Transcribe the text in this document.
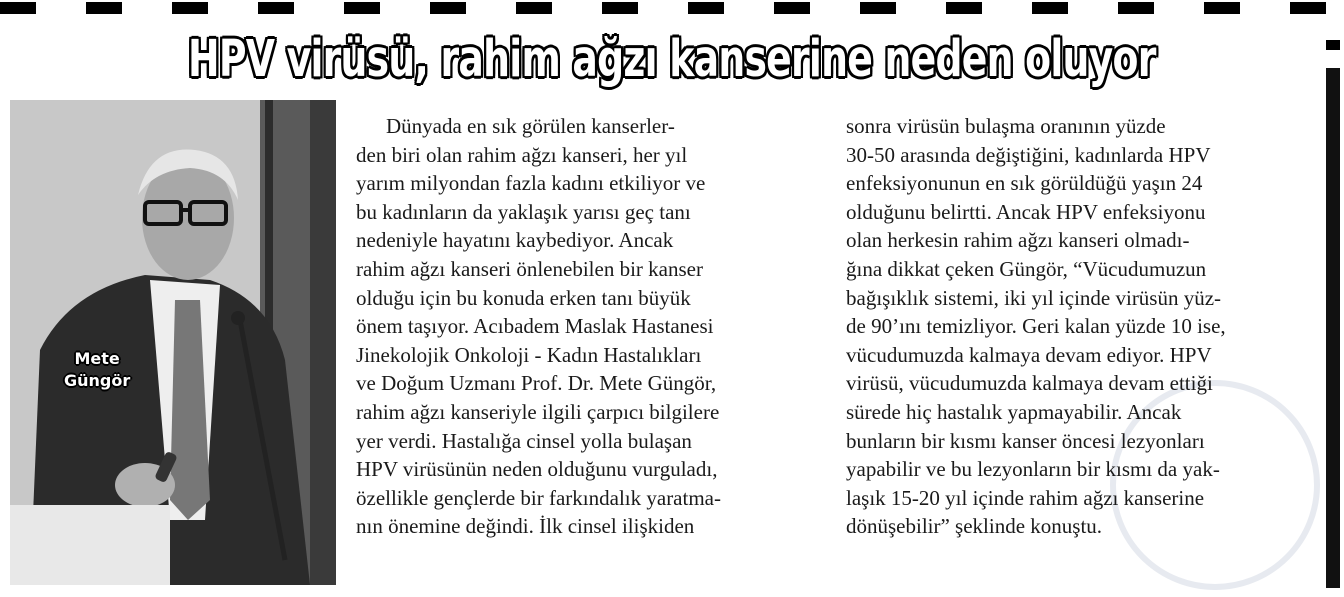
HPV virüsü, rahim ağzı kanserine neden oluyor
Mete
Güngör
Dünyada en sık görülen kanserler-
den biri olan rahim ağzı kanseri, her yıl
yarım milyondan fazla kadını etkiliyor ve
bu kadınların da yaklaşık yarısı geç tanı
nedeniyle hayatını kaybediyor. Ancak
rahim ağzı kanseri önlenebilen bir kanser
olduğu için bu konuda erken tanı büyük
önem taşıyor. Acıbadem Maslak Hastanesi
Jinekolojik Onkoloji - Kadın Hastalıkları
ve Doğum Uzmanı Prof. Dr. Mete Güngör,
rahim ağzı kanseriyle ilgili çarpıcı bilgilere
yer verdi. Hastalığa cinsel yolla bulaşan
HPV virüsünün neden olduğunu vurguladı,
özellikle gençlerde bir farkındalık yaratma-
nın önemine değindi. İlk cinsel ilişkiden
sonra virüsün bulaşma oranının yüzde
30-50 arasında değiştiğini, kadınlarda HPV
enfeksiyonunun en sık görüldüğü yaşın 24
olduğunu belirtti. Ancak HPV enfeksiyonu
olan herkesin rahim ağzı kanseri olmadı-
ğına dikkat çeken Güngör, “Vücudumuzun
bağışıklık sistemi, iki yıl içinde virüsün yüz-
de 90’ını temizliyor. Geri kalan yüzde 10 ise,
vücudumuzda kalmaya devam ediyor. HPV
virüsü, vücudumuzda kalmaya devam ettiği
sürede hiç hastalık yapmayabilir. Ancak
bunların bir kısmı kanser öncesi lezyonları
yapabilir ve bu lezyonların bir kısmı da yak-
laşık 15-20 yıl içinde rahim ağzı kanserine
dönüşebilir” şeklinde konuştu.
